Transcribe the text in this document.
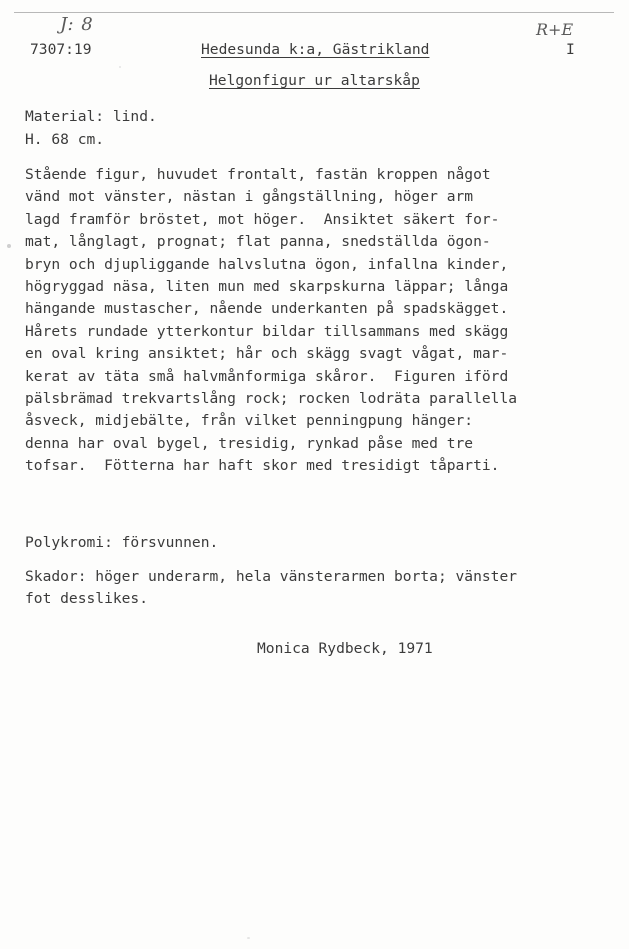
J: 8	R+E
7307:19	Hedesunda k:a, Gästrikland	I
Helgonfigur ur altarskåp
Material: lind.
H. 68 cm.
Stående figur, huvudet frontalt, fastän kroppen något
vänd mot vänster, nästan i gångställning, höger arm
lagd framför bröstet, mot höger.  Ansiktet säkert for-
mat, långlagt, prognat; flat panna, snedställda ögon-
bryn och djupliggande halvslutna ögon, infallna kinder,
högryggad näsa, liten mun med skarpskurna läppar; långa
hängande mustascher, nående underkanten på spadskägget.
Hårets rundade ytterkontur bildar tillsammans med skägg
en oval kring ansiktet; hår och skägg svagt vågat, mar-
kerat av täta små halvmånformiga skåror.  Figuren iförd
pälsbrämad trekvartslång rock; rocken lodräta parallella
åsveck, midjebälte, från vilket penningpung hänger:
denna har oval bygel, tresidig, rynkad påse med tre
tofsar.  Fötterna har haft skor med tresidigt tåparti.
Polykromi: försvunnen.
Skador: höger underarm, hela vänsterarmen borta; vänster
fot desslikes.
Monica Rydbeck, 1971
